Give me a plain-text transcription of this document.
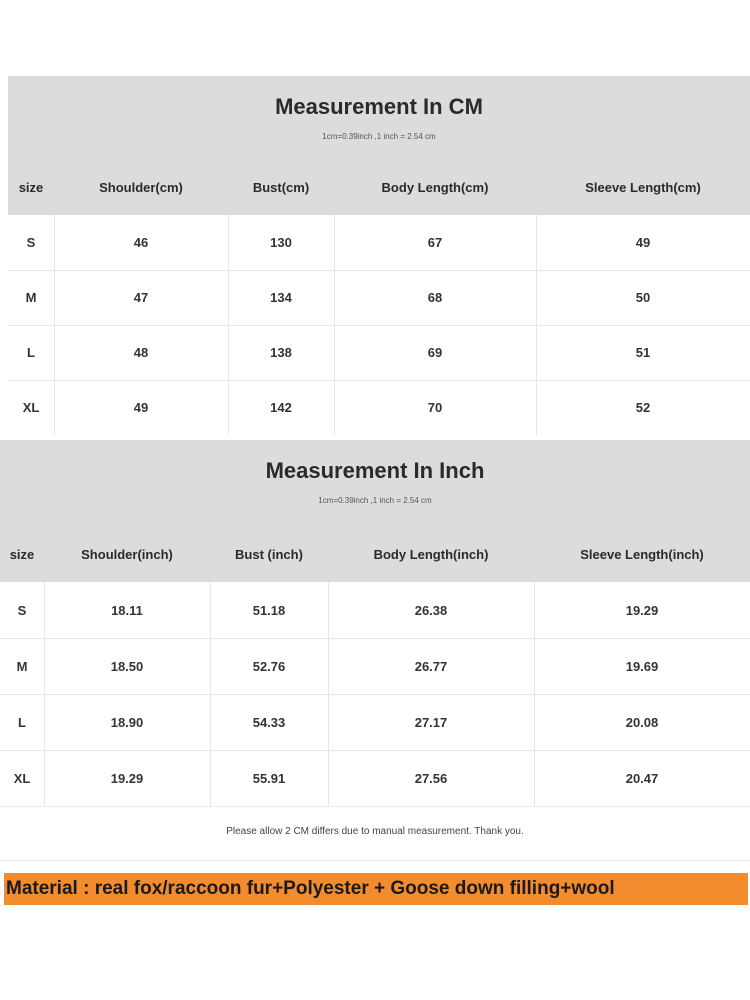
Measurement In CM
1cm=0.39inch ,1 inch = 2.54 cm
size	Shoulder(cm)	Bust(cm)	Body Length(cm)	Sleeve Length(cm)
S	46	130	67	49
M	47	134	68	50
L	48	138	69	51
XL	49	142	70	52
Measurement In Inch
1cm=0.39inch ,1 inch = 2.54 cm
size	Shoulder(inch)	Bust (inch)	Body Length(inch)	Sleeve Length(inch)
S	18.11	51.18	26.38	19.29
M	18.50	52.76	26.77	19.69
L	18.90	54.33	27.17	20.08
XL	19.29	55.91	27.56	20.47
Please allow 2 CM differs due to manual measurement. Thank you.
Material : real fox/raccoon fur+Polyester + Goose down filling+wool
